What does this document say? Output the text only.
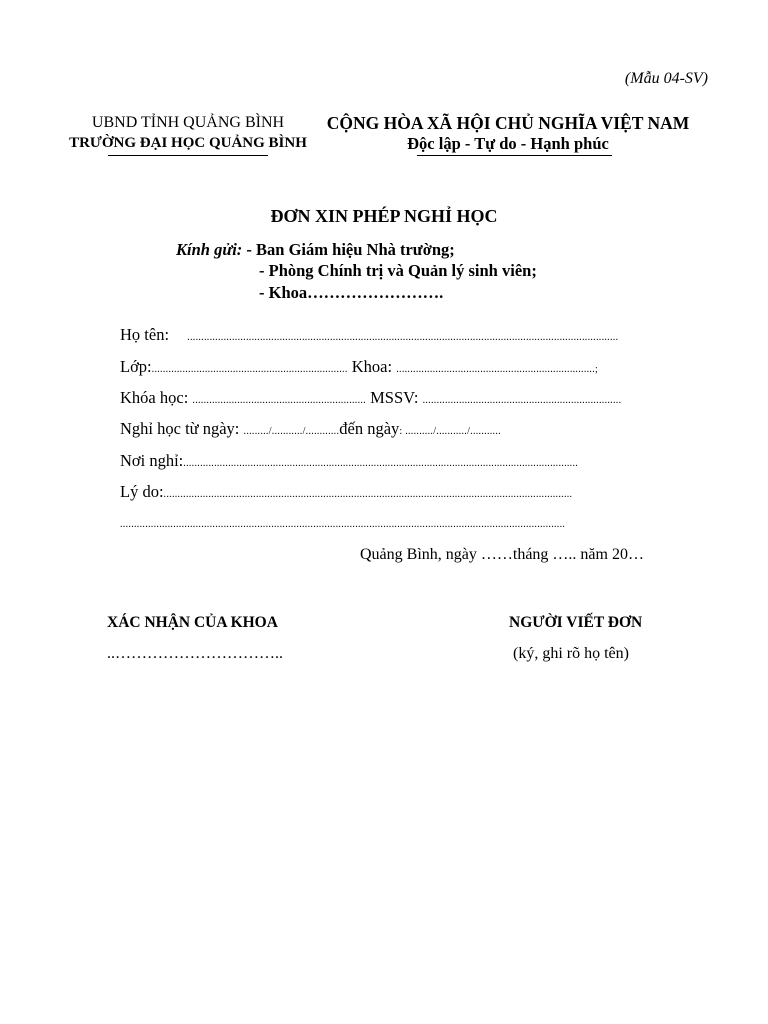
(Mẫu 04-SV)
UBND TỈNH QUẢNG BÌNH
TRƯỜNG ĐẠI HỌC QUẢNG BÌNH
CỘNG HÒA XÃ HỘI CHỦ NGHĨA VIỆT NAM
Độc lập - Tự do - Hạnh phúc
ĐƠN XIN PHÉP NGHỈ HỌC
Kính gửi: - Ban Giám hiệu Nhà trường;
- Phòng Chính trị và Quản lý sinh viên;
- Khoa…………………….
Họ tên: ..........................................................................................................................................................
Lớp:...................................................................... Khoa: .......................................................................;
Khóa học: .............................................................. MSSV: .......................................................................
Nghỉ học từ ngày: ........./.........../............đến ngày: ........../.........../...........
Nơi nghỉ:.............................................................................................................................................
Lý do:..................................................................................................................................................
...............................................................................................................................................................
Quảng Bình, ngày ……tháng ….. năm 20…
XÁC NHẬN CỦA KHOA
..…………………………..
NGƯỜI VIẾT ĐƠN
(ký, ghi rõ họ tên)
